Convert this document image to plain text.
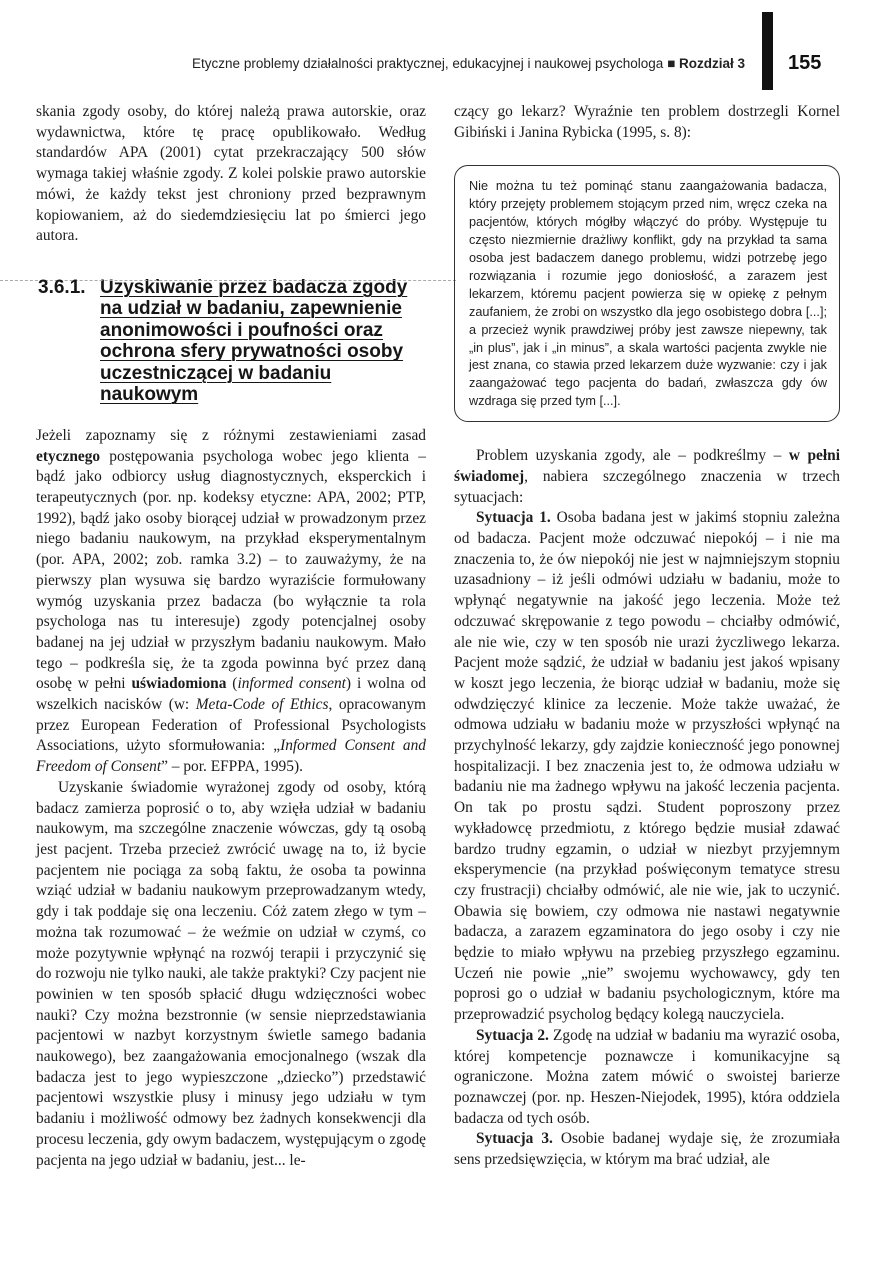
Etyczne problemy działalności praktycznej, edukacyjnej i naukowej psychologa ■ Rozdział 3 155

skania zgody osoby, do której należą prawa autorskie, oraz wydawnictwa, które tę pracę opublikowało. Według standardów APA (2001) cytat przekraczający 500 słów wymaga takiej właśnie zgody. Z kolei polskie prawo autorskie mówi, że każdy tekst jest chroniony przed bezprawnym kopiowaniem, aż do siedemdziesięciu lat po śmierci jego autora.

3.6.1. Uzyskiwanie przez badacza zgody na udział w badaniu, zapewnienie anonimowości i poufności oraz ochrona sfery prywatności osoby uczestniczącej w badaniu naukowym

Jeżeli zapoznamy się z różnymi zestawieniami zasad etycznego postępowania psychologa wobec jego klienta – bądź jako odbiorcy usług diagnostycznych, eksperckich i terapeutycznych (por. np. kodeksy etyczne: APA, 2002; PTP, 1992), bądź jako osoby biorącej udział w prowadzonym przez niego badaniu naukowym, na przykład eksperymentalnym (por. APA, 2002; zob. ramka 3.2) – to zauważymy, że na pierwszy plan wysuwa się bardzo wyraziście formułowany wymóg uzyskania przez badacza (bo wyłącznie ta rola psychologa nas tu interesuje) zgody potencjalnej osoby badanej na jej udział w przyszłym badaniu naukowym. Mało tego – podkreśla się, że ta zgoda powinna być przez daną osobę w pełni uświadomiona (informed consent) i wolna od wszelkich nacisków (w: Meta-Code of Ethics, opracowanym przez European Federation of Professional Psychologists Associations, użyto sformułowania: „Informed Consent and Freedom of Consent” – por. EFPPA, 1995).

Uzyskanie świadomie wyrażonej zgody od osoby, którą badacz zamierza poprosić o to, aby wzięła udział w badaniu naukowym, ma szczególne znaczenie wówczas, gdy tą osobą jest pacjent. Trzeba przecież zwrócić uwagę na to, iż bycie pacjentem nie pociąga za sobą faktu, że osoba ta powinna wziąć udział w badaniu naukowym przeprowadzanym wtedy, gdy i tak poddaje się ona leczeniu. Cóż zatem złego w tym – można tak rozumować – że weźmie on udział w czymś, co może pozytywnie wpłynąć na rozwój terapii i przyczynić się do rozwoju nie tylko nauki, ale także praktyki? Czy pacjent nie powinien w ten sposób spłacić długu wdzięczności wobec nauki? Czy można bezstronnie (w sensie nieprzedstawiania pacjentowi w nazbyt korzystnym świetle samego badania naukowego), bez zaangażowania emocjonalnego (wszak dla badacza jest to jego wypieszczone „dziecko”) przedstawić pacjentowi wszystkie plusy i minusy jego udziału w tym badaniu i możliwość odmowy bez żadnych konsekwencji dla procesu leczenia, gdy owym badaczem, występującym o zgodę pacjenta na jego udział w badaniu, jest... le-

czący go lekarz? Wyraźnie ten problem dostrzegli Kornel Gibiński i Janina Rybicka (1995, s. 8):

Nie można tu też pominąć stanu zaangażowania badacza, który przejęty problemem stojącym przed nim, wręcz czeka na pacjentów, których mógłby włączyć do próby. Występuje tu często niezmiernie drażliwy konflikt, gdy na przykład ta sama osoba jest badaczem danego problemu, widzi potrzebę jego rozwiązania i rozumie jego doniosłość, a zarazem jest lekarzem, któremu pacjent powierza się w opiekę z pełnym zaufaniem, że zrobi on wszystko dla jego osobistego dobra [...]; a przecież wynik prawdziwej próby jest zawsze niepewny, tak „in plus”, jak i „in minus”, a skala wartości pacjenta zwykle nie jest znana, co stawia przed lekarzem duże wyzwanie: czy i jak zaangażować tego pacjenta do badań, zwłaszcza gdy ów wzdraga się przed tym [...].

Problem uzyskania zgody, ale – podkreślmy – w pełni świadomej, nabiera szczególnego znaczenia w trzech sytuacjach:

Sytuacja 1. Osoba badana jest w jakimś stopniu zależna od badacza. Pacjent może odczuwać niepokój – i nie ma znaczenia to, że ów niepokój nie jest w najmniejszym stopniu uzasadniony – iż jeśli odmówi udziału w badaniu, może to wpłynąć negatywnie na jakość jego leczenia. Może też odczuwać skrępowanie z tego powodu – chciałby odmówić, ale nie wie, czy w ten sposób nie urazi życzliwego lekarza. Pacjent może sądzić, że udział w badaniu jest jakoś wpisany w koszt jego leczenia, że biorąc udział w badaniu, może się odwdzięczyć klinice za leczenie. Może także uważać, że odmowa udziału w badaniu może w przyszłości wpłynąć na przychylność lekarzy, gdy zajdzie konieczność jego ponownej hospitalizacji. I bez znaczenia jest to, że odmowa udziału w badaniu nie ma żadnego wpływu na jakość leczenia pacjenta. On tak po prostu sądzi. Student poproszony przez wykładowcę przedmiotu, z którego będzie musiał zdawać bardzo trudny egzamin, o udział w niezbyt przyjemnym eksperymencie (na przykład poświęconym tematyce stresu czy frustracji) chciałby odmówić, ale nie wie, jak to uczynić. Obawia się bowiem, czy odmowa nie nastawi negatywnie badacza, a zarazem egzaminatora do jego osoby i czy nie będzie to miało wpływu na przebieg przyszłego egzaminu. Uczeń nie powie „nie” swojemu wychowawcy, gdy ten poprosi go o udział w badaniu psychologicznym, które ma przeprowadzić psycholog będący kolegą nauczyciela.

Sytuacja 2. Zgodę na udział w badaniu ma wyrazić osoba, której kompetencje poznawcze i komunikacyjne są ograniczone. Można zatem mówić o swoistej barierze poznawczej (por. np. Heszen-Niejodek, 1995), która oddziela badacza od tych osób.

Sytuacja 3. Osobie badanej wydaje się, że zrozumiała sens przedsięwzięcia, w którym ma brać udział, ale
